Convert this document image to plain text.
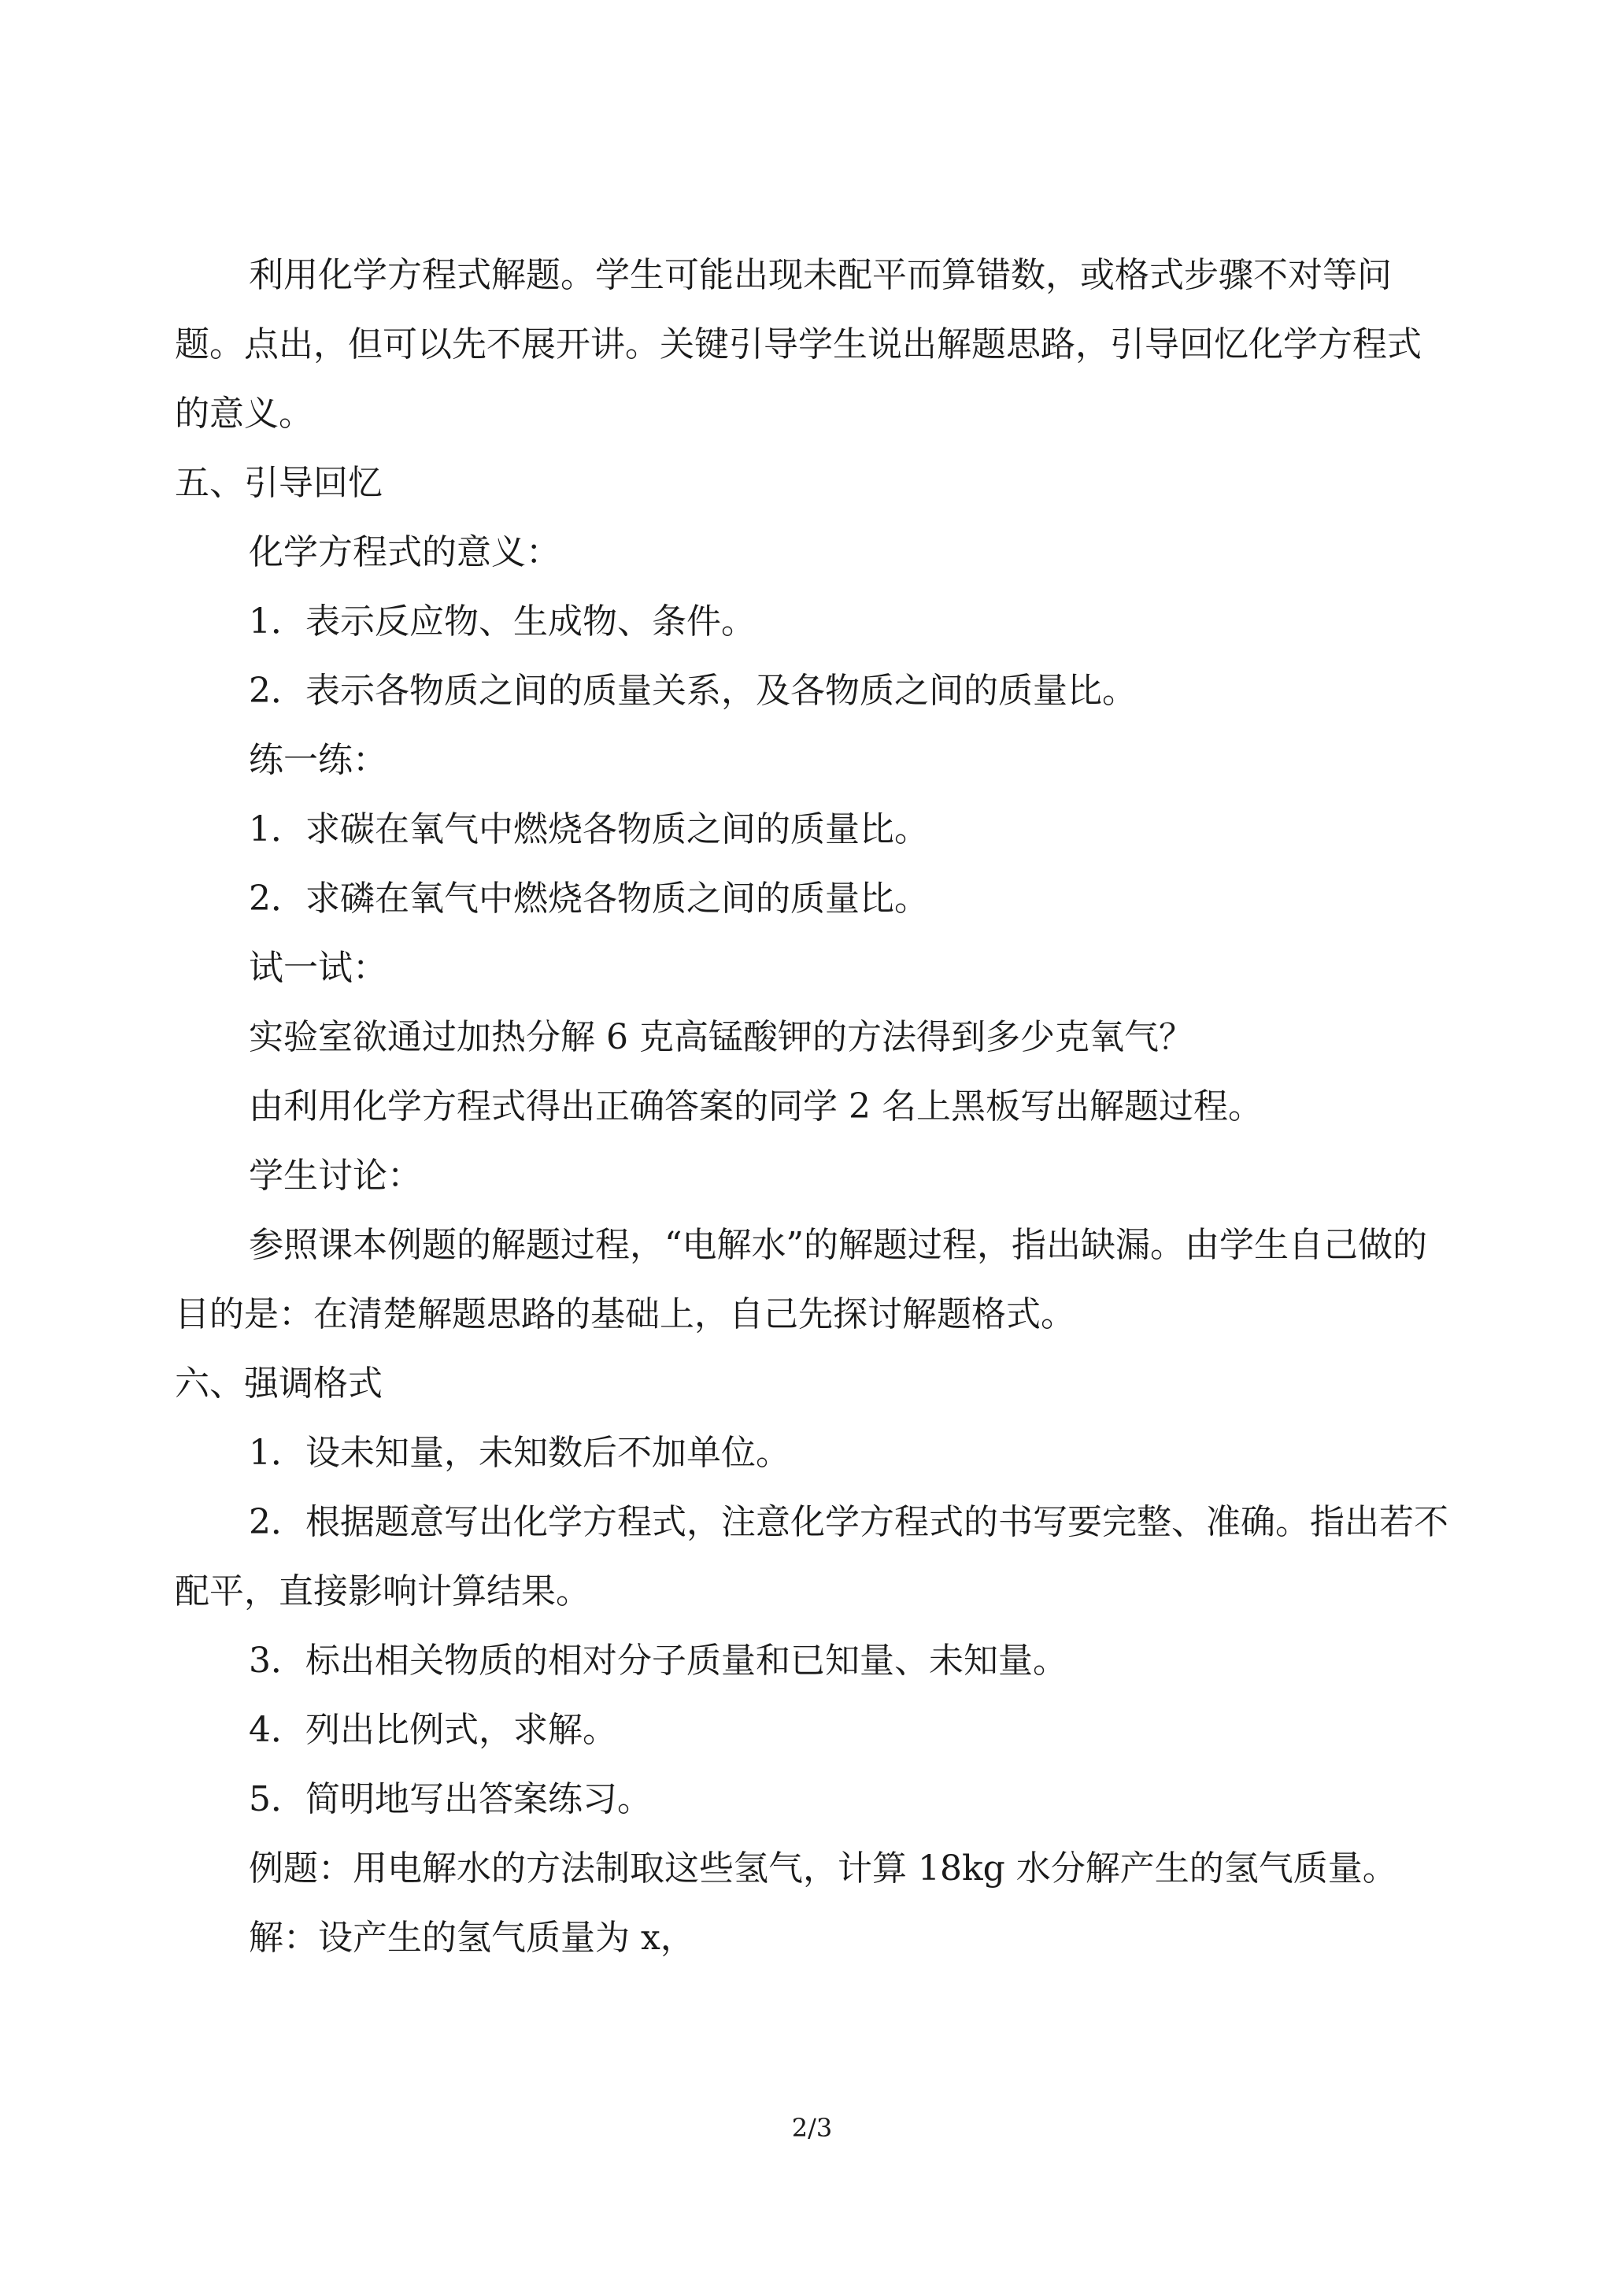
利用化学方程式解题。学生可能出现未配平而算错数，或格式步骤不对等问题。点出，但可以先不展开讲。关键引导学生说出解题思路，引导回忆化学方程式的意义。

五、引导回忆

化学方程式的意义：

1．表示反应物、生成物、条件。

2．表示各物质之间的质量关系，及各物质之间的质量比。

练一练：

1．求碳在氧气中燃烧各物质之间的质量比。

2．求磷在氧气中燃烧各物质之间的质量比。

试一试：

实验室欲通过加热分解 6 克高锰酸钾的方法得到多少克氧气？

由利用化学方程式得出正确答案的同学 2 名上黑板写出解题过程。

学生讨论：

参照课本例题的解题过程，“电解水”的解题过程，指出缺漏。由学生自己做的目的是：在清楚解题思路的基础上，自己先探讨解题格式。

六、强调格式

1．设未知量，未知数后不加单位。

2．根据题意写出化学方程式，注意化学方程式的书写要完整、准确。指出若不配平，直接影响计算结果。

3．标出相关物质的相对分子质量和已知量、未知量。

4．列出比例式，求解。

5．简明地写出答案练习。

例题：用电解水的方法制取这些氢气，计算 18kg 水分解产生的氢气质量。

解：设产生的氢气质量为 x，

2/3
